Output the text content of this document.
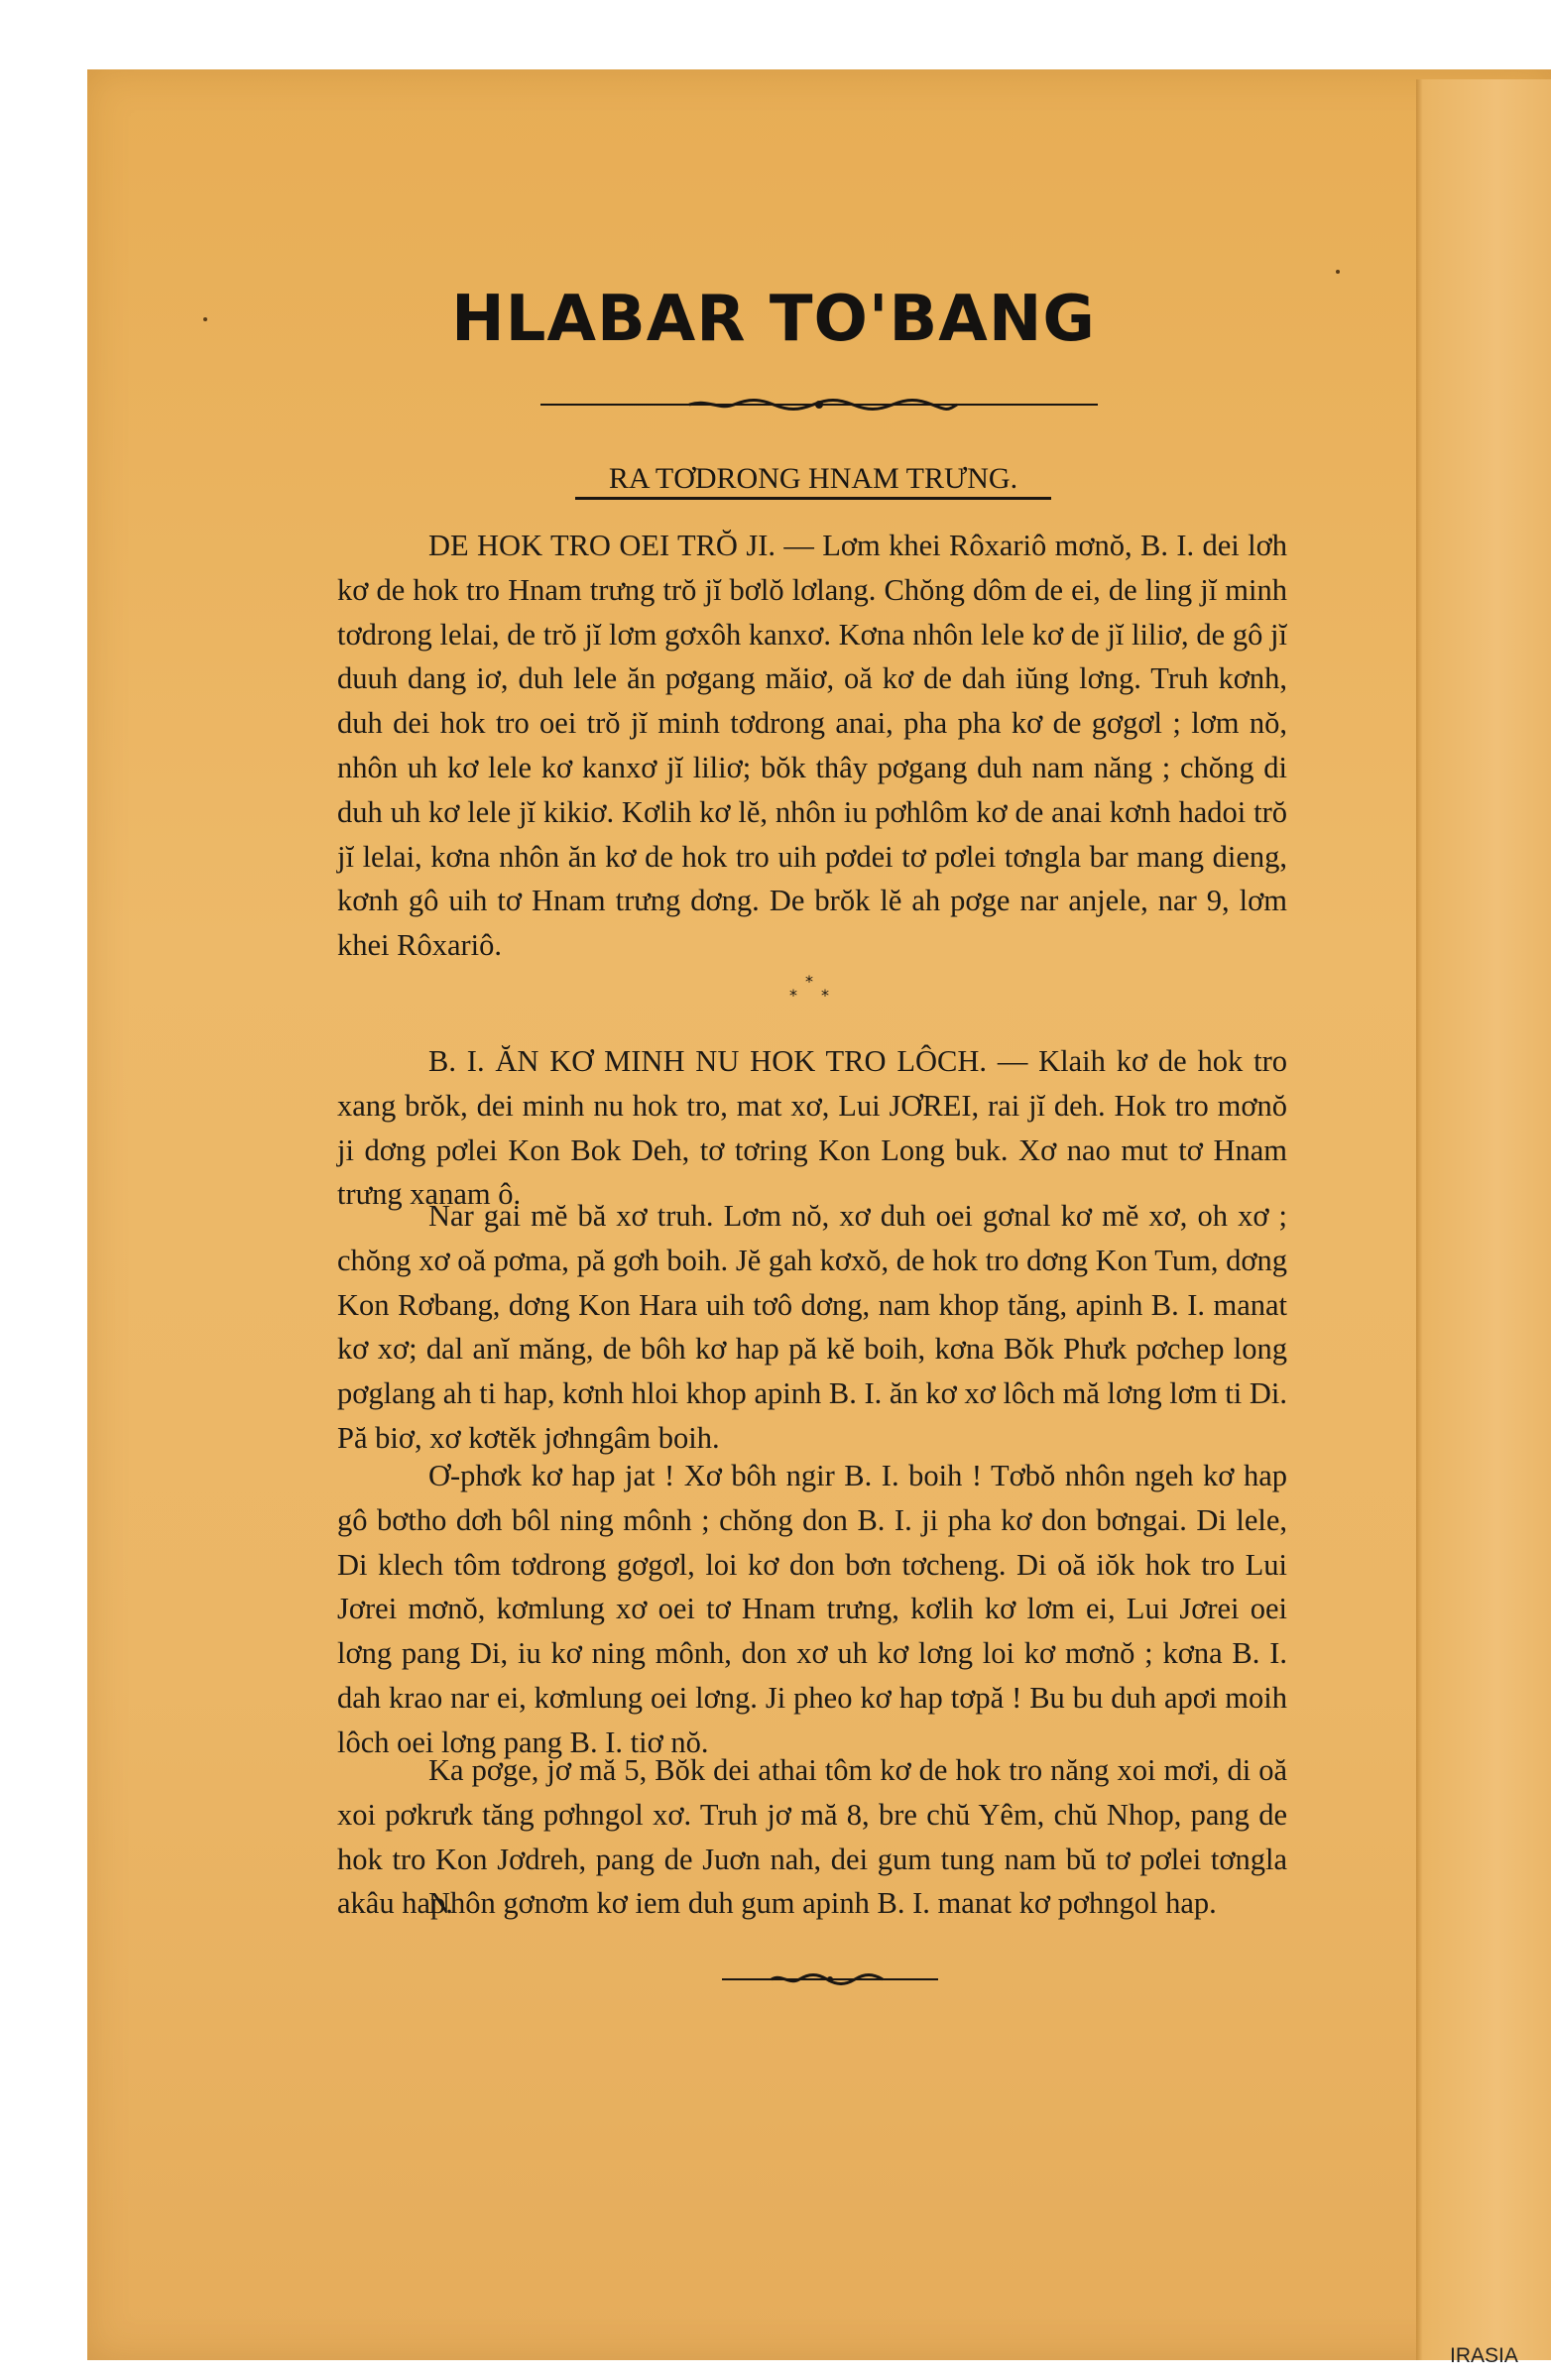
HLABAR TO'BANG
RA TƠDRONG HNAM TRƯNG.

DE HOK TRO OEI TRŎ JI. — Lơm khei Rôxariô mơnŏ, B. I. dei lơh kơ de hok tro Hnam trưng trŏ jĭ bơlŏ lơlang. Chŏng dôm de ei, de ling jĭ minh tơdrong lelai, de trŏ jĭ lơm gơxôh kanxơ. Kơna nhôn lele kơ de jĭ liliơ, de gô jĭ duuh dang iơ, duh lele ăn pơgang măiơ, oă kơ de dah iŭng lơng. Truh kơnh, duh dei hok tro oei trŏ jĭ minh tơdrong anai, pha pha kơ de gơgơl ; lơm nŏ, nhôn uh kơ lele kơ kanxơ jĭ liliơ; bŏk thây pơgang duh nam năng ; chŏng di duh uh kơ lele jĭ kikiơ. Kơlih kơ lĕ, nhôn iu pơhlôm kơ de anai kơnh hadoi trŏ jĭ lelai, kơna nhôn ăn kơ de hok tro uih pơdei tơ pơlei tơngla bar mang dieng, kơnh gô uih tơ Hnam trưng dơng. De brŏk lĕ ah pơge nar anjele, nar 9, lơm khei Rôxariô.

*
* *

B. I. ĂN KƠ MINH NU HOK TRO LÔCH. — Klaih kơ de hok tro xang brŏk, dei minh nu hok tro, mat xơ, Lui JƠREI, rai jĭ deh. Hok tro mơnŏ ji dơng pơlei Kon Bok Deh, tơ tơring Kon Long buk. Xơ nao mut tơ Hnam trưng xanam ô.

Nar gai mĕ bă xơ truh. Lơm nŏ, xơ duh oei gơnal kơ mĕ xơ, oh xơ ; chŏng xơ oă pơma, pă gơh boih. Jĕ gah kơxŏ, de hok tro dơng Kon Tum, dơng Kon Rơbang, dơng Kon Hara uih tơô dơng, nam khop tăng, apinh B. I. manat kơ xơ; dal anĭ măng, de bôh kơ hap pă kĕ boih, kơna Bŏk Phưk pơchep long pơglang ah ti hap, kơnh hloi khop apinh B. I. ăn kơ xơ lôch mă lơng lơm ti Di. Pă biơ, xơ kơtĕk jơhngâm boih.

Ơ-phơk kơ hap jat ! Xơ bôh ngir B. I. boih ! Tơbŏ nhôn ngeh kơ hap gô bơtho dơh bôl ning mônh ; chŏng don B. I. ji pha kơ don bơngai. Di lele, Di klech tôm tơdrong gơgơl, loi kơ don bơn tơcheng. Di oă iŏk hok tro Lui Jơrei mơnŏ, kơmlung xơ oei tơ Hnam trưng, kơlih kơ lơm ei, Lui Jơrei oei lơng pang Di, iu kơ ning mônh, don xơ uh kơ lơng loi kơ mơnŏ ; kơna B. I. dah krao nar ei, kơmlung oei lơng. Ji pheo kơ hap tơpă ! Bu bu duh apơi moih lôch oei lơng pang B. I. tiơ nŏ.

Ka pơge, jơ mă 5, Bŏk dei athai tôm kơ de hok tro năng xoi mơi, di oă xoi pơkrưk tăng pơhngol xơ. Truh jơ mă 8, bre chŭ Yêm, chŭ Nhop, pang de hok tro Kon Jơdreh, pang de Juơn nah, dei gum tung nam bŭ tơ pơlei tơngla akâu hap.

Nhôn gơnơm kơ iem duh gum apinh B. I. manat kơ pơhngol hap.

IRASIA
